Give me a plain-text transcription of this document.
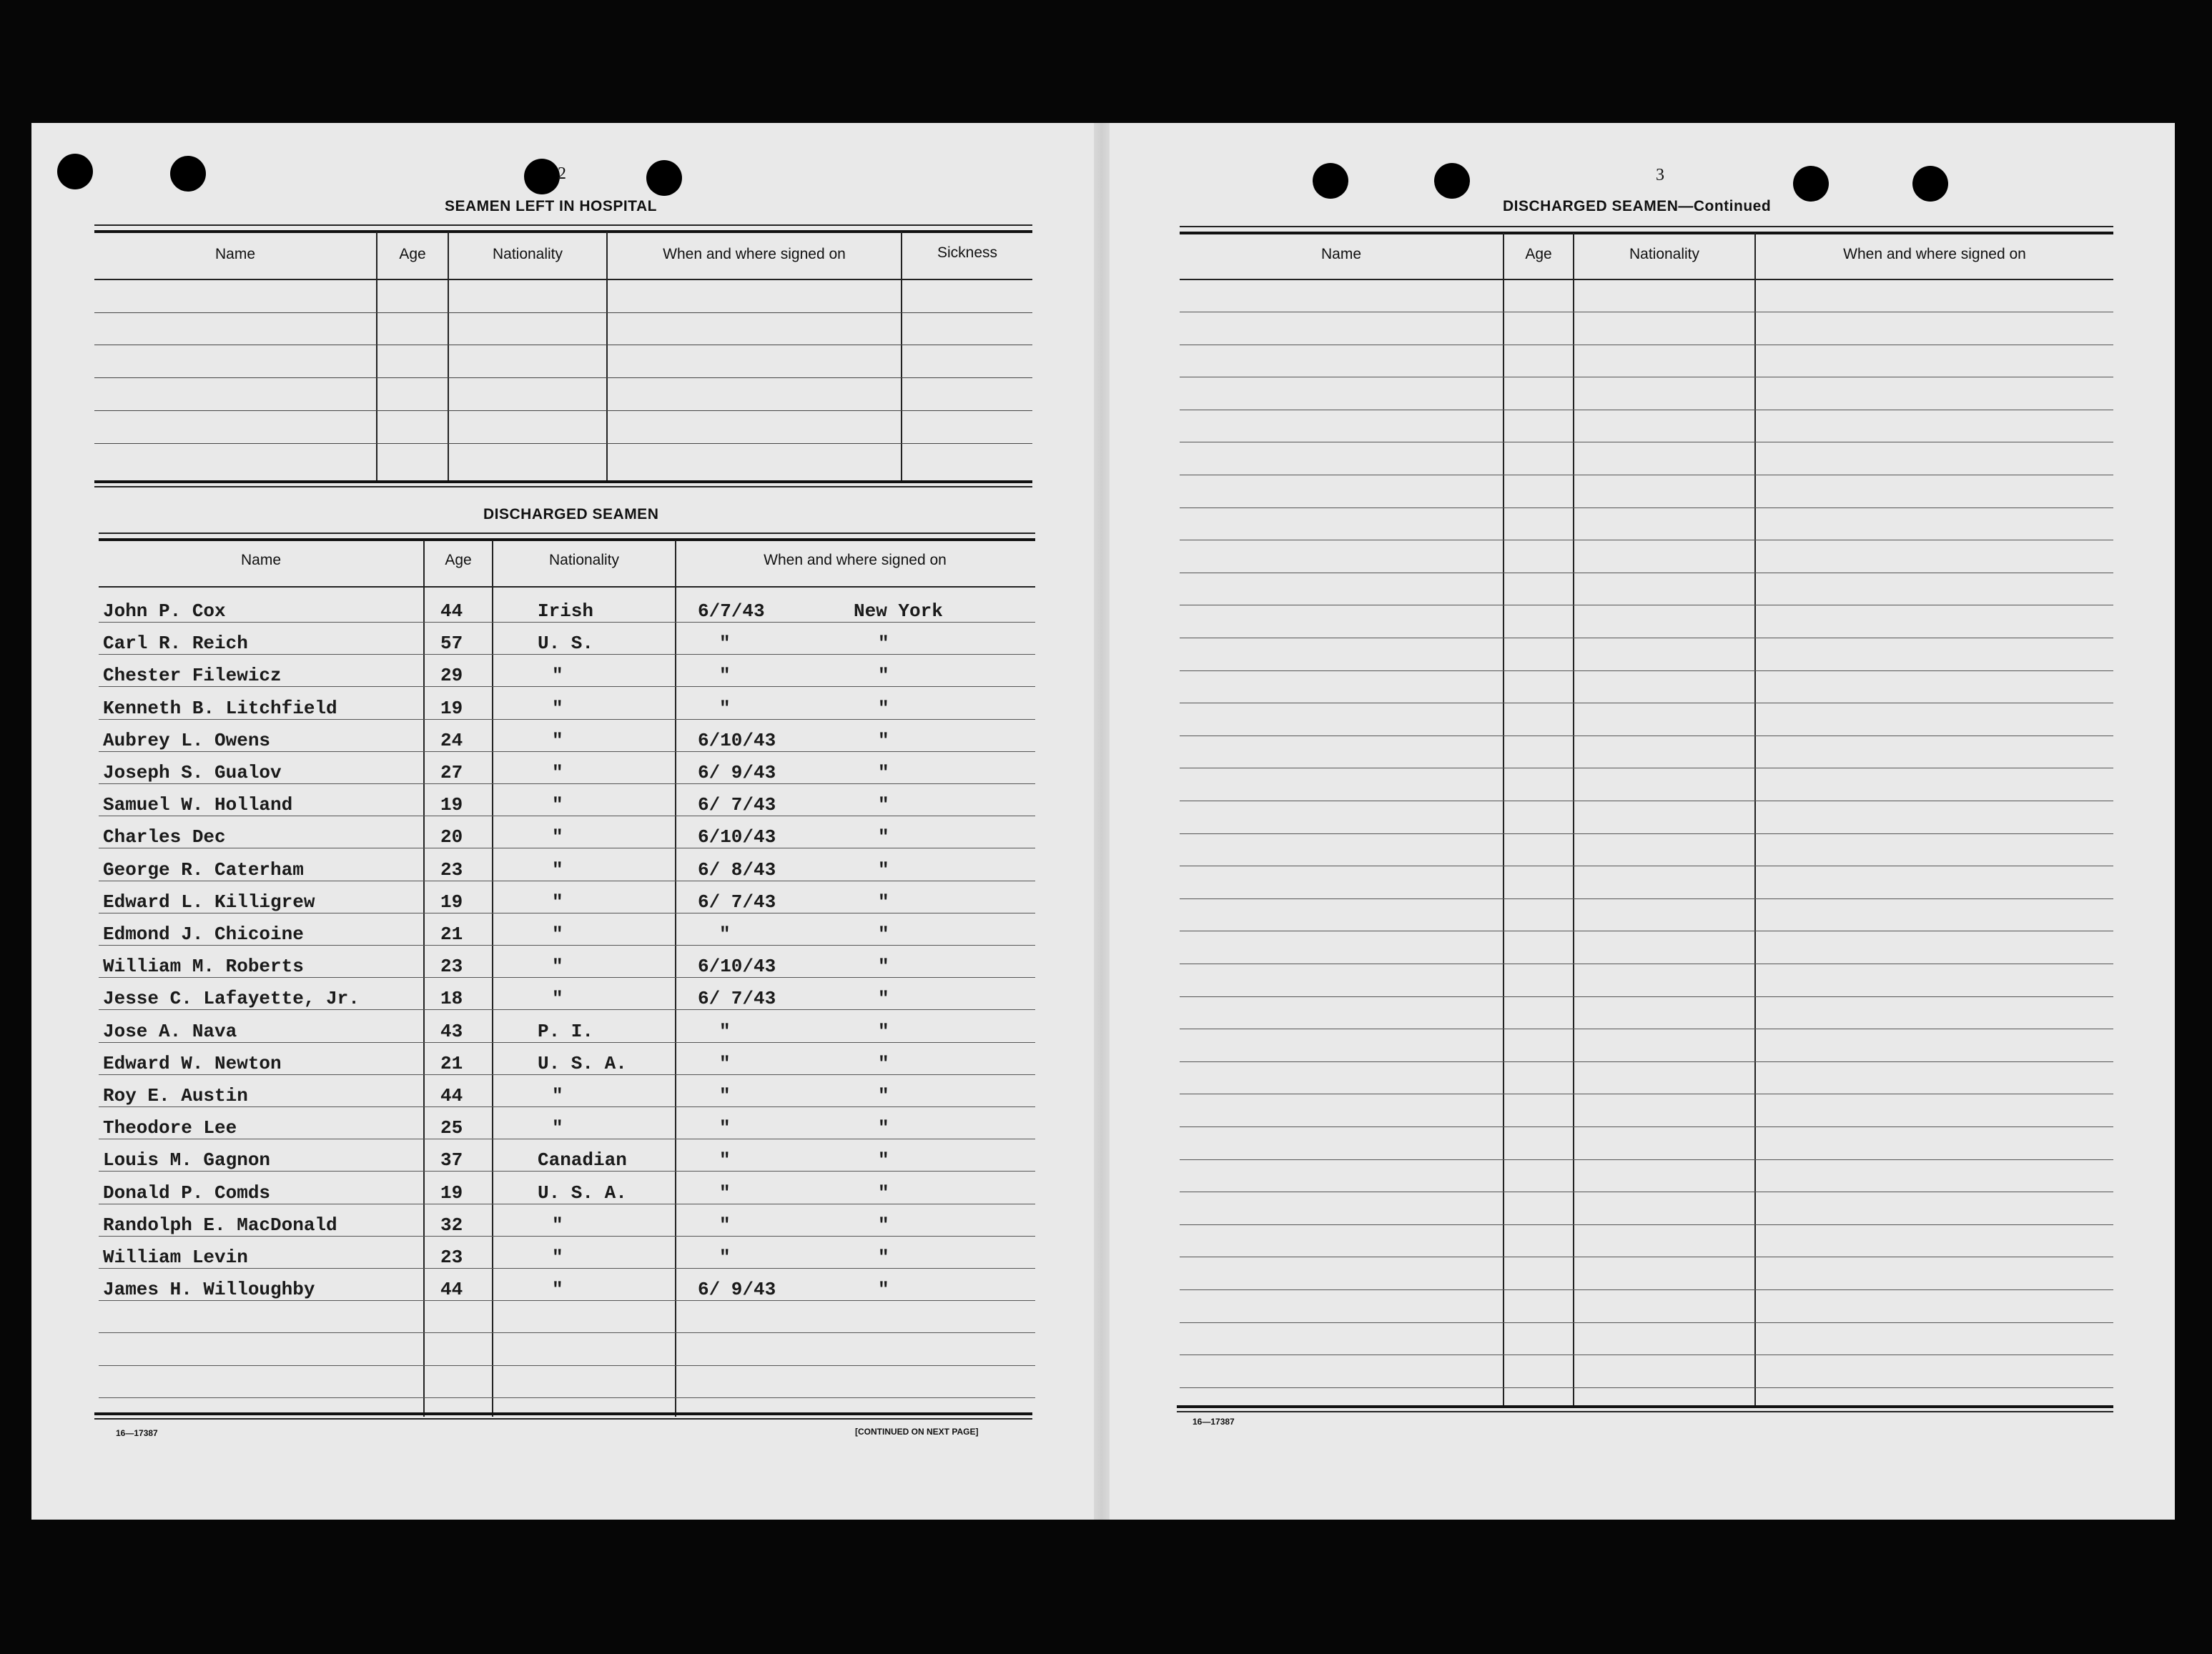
2
SEAMEN LEFT IN HOSPITAL
Name	Age	Nationality	When and where signed on	Sickness
DISCHARGED SEAMEN
Name	Age	Nationality	When and where signed on
John P. Cox	44	Irish	6/7/43	New York
Carl R. Reich	57	U. S.	"	"
Chester Filewicz	29	"	"	"
Kenneth B. Litchfield	19	"	"	"
Aubrey L. Owens	24	"	6/10/43	"
Joseph S. Gualov	27	"	6/ 9/43	"
Samuel W. Holland	19	"	6/ 7/43	"
Charles Dec	20	"	6/10/43	"
George R. Caterham	23	"	6/ 8/43	"
Edward L. Killigrew	19	"	6/ 7/43	"
Edmond J. Chicoine	21	"	"	"
William M. Roberts	23	"	6/10/43	"
Jesse C. Lafayette, Jr.	18	"	6/ 7/43	"
Jose A. Nava	43	P. I.	"	"
Edward W. Newton	21	U. S. A.	"	"
Roy E. Austin	44	"	"	"
Theodore Lee	25	"	"	"
Louis M. Gagnon	37	Canadian	"	"
Donald P. Comds	19	U. S. A.	"	"
Randolph E. MacDonald	32	"	"	"
William Levin	23	"	"	"
James H. Willoughby	44	"	6/ 9/43	"
16—17387	[CONTINUED ON NEXT PAGE]
3
DISCHARGED SEAMEN—Continued
Name	Age	Nationality	When and where signed on
16—17387
